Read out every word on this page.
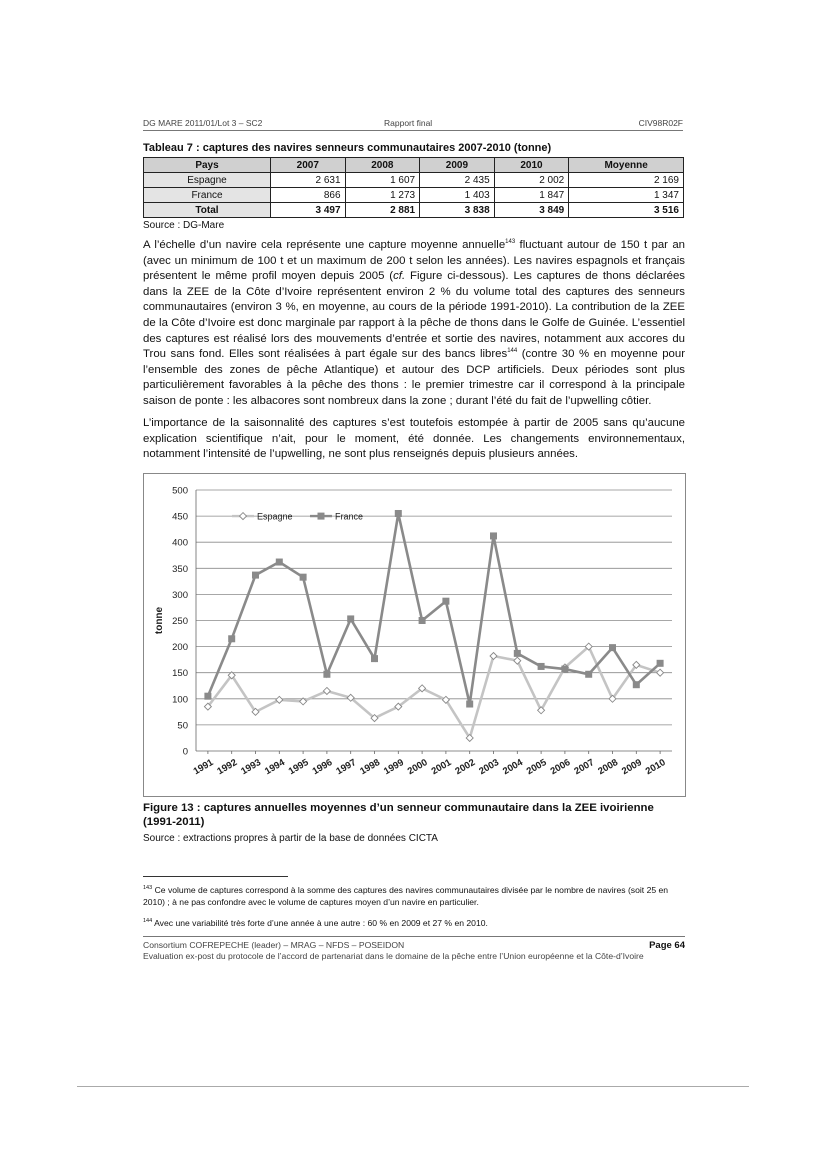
DG MARE 2011/01/Lot 3 – SC2	Rapport final	CIV98R02F
Tableau 7 : captures des navires senneurs communautaires 2007-2010 (tonne)
Pays	2007	2008	2009	2010	Moyenne
Espagne	2 631	1 607	2 435	2 002	2 169
France	866	1 273	1 403	1 847	1 347
Total	3 497	2 881	3 838	3 849	3 516
Source : DG-Mare
A l’échelle d’un navire cela représente une capture moyenne annuelle$^{143}$ fluctuant autour de 150 t par an (avec un minimum de 100 t et un maximum de 200 t selon les années). Les navires espagnols et français présentent le même profil moyen depuis 2005 (cf. Figure ci-dessous). Les captures de thons déclarées dans la ZEE de la Côte d’Ivoire représentent environ 2 % du volume total des captures des senneurs communautaires (environ 3 %, en moyenne, au cours de la période 1991-2010). La contribution de la ZEE de la Côte d’Ivoire est donc marginale par rapport à la pêche de thons dans le Golfe de Guinée. L’essentiel des captures est réalisé lors des mouvements d’entrée et sortie des navires, notamment aux accores du Trou sans fond. Elles sont réalisées à part égale sur des bancs libres$^{144}$ (contre 30 % en moyenne pour l’ensemble des zones de pêche Atlantique) et autour des DCP artificiels. Deux périodes sont plus particulièrement favorables à la pêche des thons : le premier trimestre car il correspond à la principale saison de ponte : les albacores sont nombreux dans la zone ; durant l’été du fait de l’upwelling côtier.
L’importance de la saisonnalité des captures s’est toutefois estompée à partir de 2005 sans qu’aucune explication scientifique n’ait, pour le moment, été donnée. Les changements environnementaux, notamment l’intensité de l’upwelling, ne sont plus renseignés depuis plusieurs années.
0
50
100
150
200
250
300
350
400
450
500
1991 1992 1993 1994 1995 1996 1997 1998 1999 2000 2001 2002 2003 2004 2005 2006 2007 2008 2009 2010
tonne
Espagne	France
Figure 13 : captures annuelles moyennes d’un senneur communautaire dans la ZEE ivoirienne (1991-2011)
Source : extractions propres à partir de la base de données CICTA
$^{143}$ Ce volume de captures correspond à la somme des captures des navires communautaires divisée par le nombre de navires (soit 25 en 2010) ; à ne pas confondre avec le volume de captures moyen d’un navire en particulier.
$^{144}$ Avec une variabilité très forte d’une année à une autre : 60 % en 2009 et 27 % en 2010.
Consortium COFREPECHE (leader) – MRAG – NFDS – POSEIDON
Evaluation ex-post du protocole de l’accord de partenariat dans le domaine de la pêche entre l’Union européenne et la Côte-d’Ivoire
Page 64
